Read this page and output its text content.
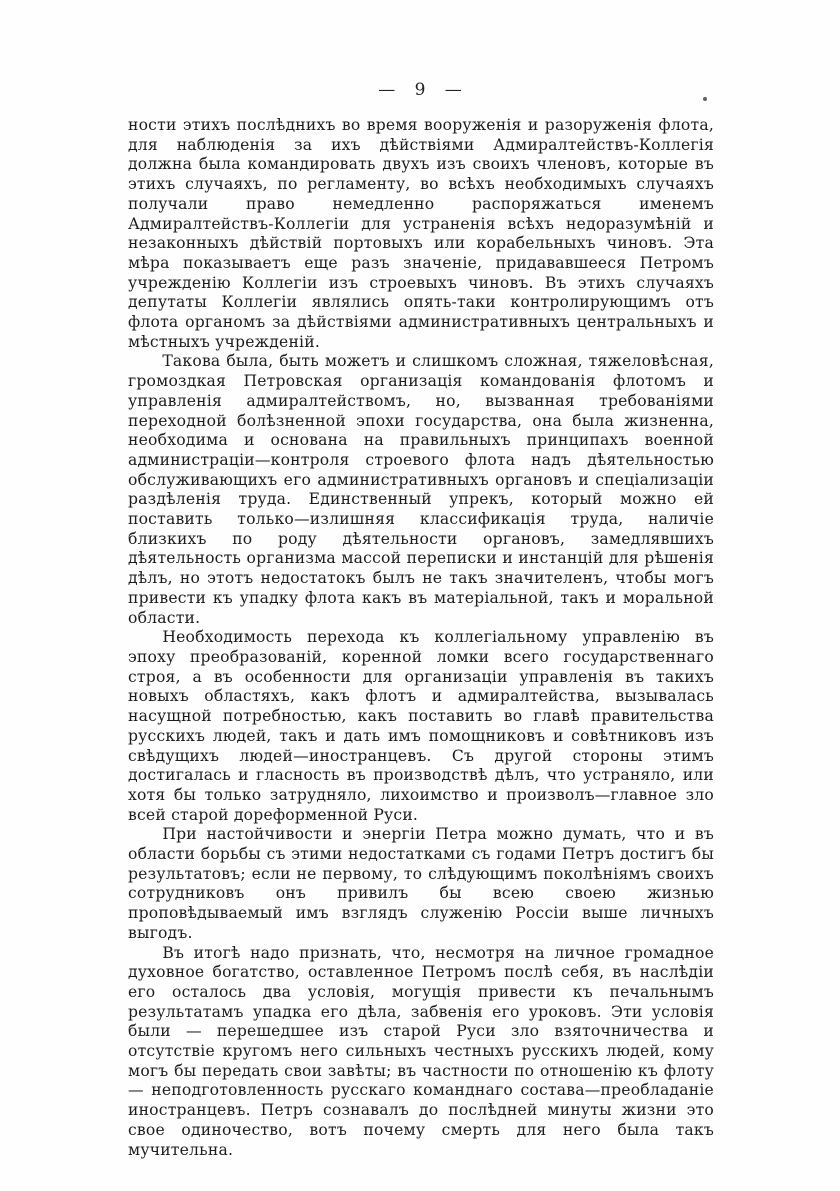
— 9 —

ности этихъ послѣднихъ во время вооруженія и разоруженія флота, для наблюденія за ихъ дѣйствіями Адмиралтействъ-Коллегія должна была командировать двухъ изъ своихъ членовъ, которые въ этихъ случаяхъ, по регламенту, во всѣхъ необходимыхъ случаяхъ получали право немедленно распоряжаться именемъ Адмиралтействъ-Коллегіи для устраненія всѣхъ недоразумѣній и незаконныхъ дѣйствій портовыхъ или корабельныхъ чиновъ. Эта мѣра показываетъ еще разъ значеніе, придававшееся Петромъ учрежденію Коллегіи изъ строевыхъ чиновъ. Въ этихъ случаяхъ депутаты Коллегіи являлись опять-таки контролирующимъ отъ флота органомъ за дѣйствіями административныхъ центральныхъ и мѣстныхъ учрежденій.

Такова была, быть можетъ и слишкомъ сложная, тяжеловѣсная, громоздкая Петровская организація командованія флотомъ и управленія адмиралтействомъ, но, вызванная требованіями переходной болѣзненной эпохи государства, она была жизненна, необходима и основана на правильныхъ принципахъ военной администраціи—контроля строевого флота надъ дѣятельностью обслуживающихъ его административныхъ органовъ и спеціализаціи раздѣленія труда. Единственный упрекъ, который можно ей поставить только—излишняя классификація труда, наличіе близкихъ по роду дѣятельности органовъ, замедлявшихъ дѣятельность организма массой переписки и инстанцій для рѣшенія дѣлъ, но этотъ недостатокъ былъ не такъ значителенъ, чтобы могъ привести къ упадку флота какъ въ матеріальной, такъ и моральной области.

Необходимость перехода къ коллегіальному управленію въ эпоху преобразованій, коренной ломки всего государственнаго строя, а въ особенности для организаціи управленія въ такихъ новыхъ областяхъ, какъ флотъ и адмиралтейства, вызывалась насущной потребностью, какъ поставить во главѣ правительства русскихъ людей, такъ и дать имъ помощниковъ и совѣтниковъ изъ свѣдущихъ людей—иностранцевъ. Съ другой стороны этимъ достигалась и гласность въ производствѣ дѣлъ, что устраняло, или хотя бы только затрудняло, лихоимство и произволъ—главное зло всей старой дореформенной Руси.

При настойчивости и энергіи Петра можно думать, что и въ области борьбы съ этими недостатками съ годами Петръ достигъ бы результатовъ; если не первому, то слѣдующимъ поколѣніямъ своихъ сотрудниковъ онъ привилъ бы всею своею жизнью проповѣдываемый имъ взглядъ служенію Россіи выше личныхъ выгодъ.

Въ итогѣ надо признать, что, несмотря на личное громадное духовное богатство, оставленное Петромъ послѣ себя, въ наслѣдіи его осталось два условія, могущія привести къ печальнымъ результатамъ упадка его дѣла, забвенія его уроковъ. Эти условія были — перешедшее изъ старой Руси зло взяточничества и отсутствіе кругомъ него сильныхъ честныхъ русскихъ людей, кому могъ бы передать свои завѣты; въ частности по отношенію къ флоту — неподготовленность русскаго команднаго состава—преобладаніе иностранцевъ. Петръ сознавалъ до послѣдней минуты жизни это свое одиночество, вотъ почему смерть для него была такъ мучительна.
